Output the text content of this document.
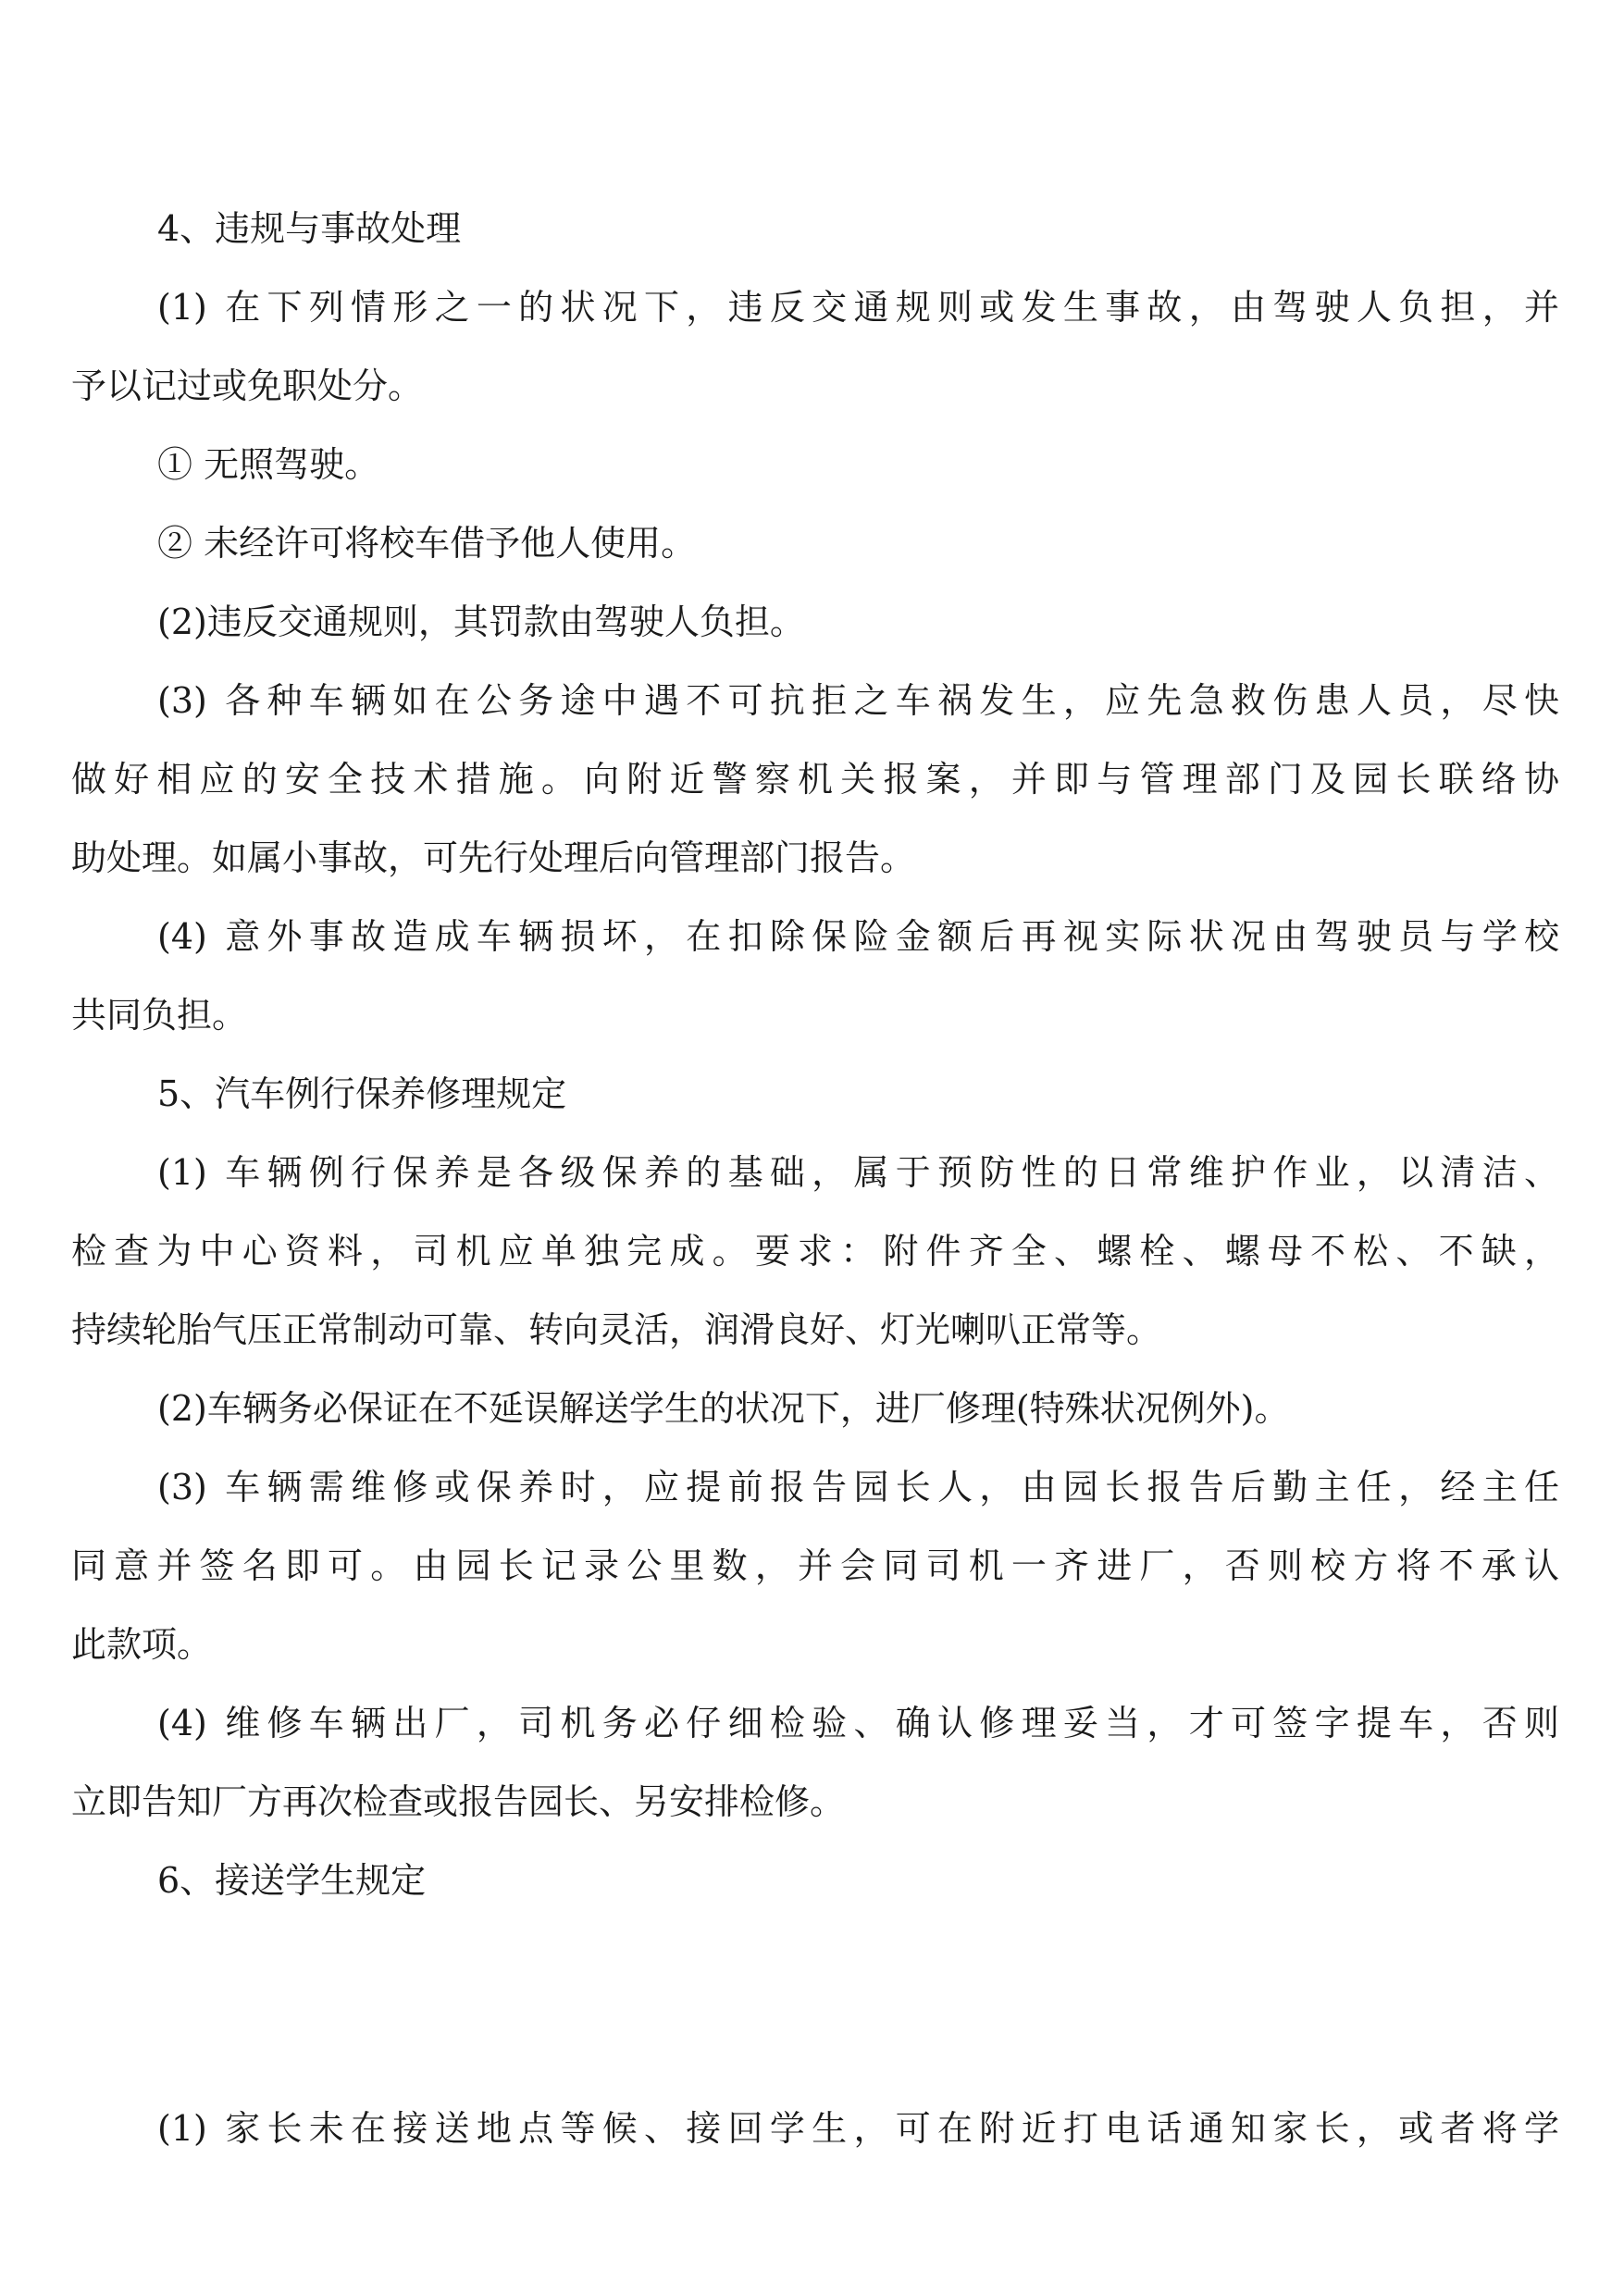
4、违规与事故处理
(1) 在下列情形之一的状况下，违反交通规则或发生事故，由驾驶人负担，并
予以记过或免职处分。
① 无照驾驶。
② 未经许可将校车借予他人使用。
(2)违反交通规则，其罚款由驾驶人负担。
(3) 各种车辆如在公务途中遇不可抗拒之车祸发生，应先急救伤患人员，尽快
做好相应的安全技术措施。向附近警察机关报案，并即与管理部门及园长联络协
助处理。如属小事故，可先行处理后向管理部门报告。
(4) 意外事故造成车辆损坏，在扣除保险金额后再视实际状况由驾驶员与学校
共同负担。
5、汽车例行保养修理规定
(1) 车辆例行保养是各级保养的基础，属于预防性的日常维护作业，以清洁、
检查为中心资料，司机应单独完成。要求：附件齐全、螺栓、螺母不松、不缺，
持续轮胎气压正常制动可靠、转向灵活，润滑良好、灯光喇叭正常等。
(2)车辆务必保证在不延误解送学生的状况下，进厂修理(特殊状况例外)。
(3) 车辆需维修或保养时，应提前报告园长人，由园长报告后勤主任，经主任
同意并签名即可。由园长记录公里数，并会同司机一齐进厂，否则校方将不承认
此款项。
(4) 维修车辆出厂，司机务必仔细检验、确认修理妥当，才可签字提车，否则
立即告知厂方再次检查或报告园长、另安排检修。
6、接送学生规定
(1) 家长未在接送地点等候、接回学生，可在附近打电话通知家长，或者将学
